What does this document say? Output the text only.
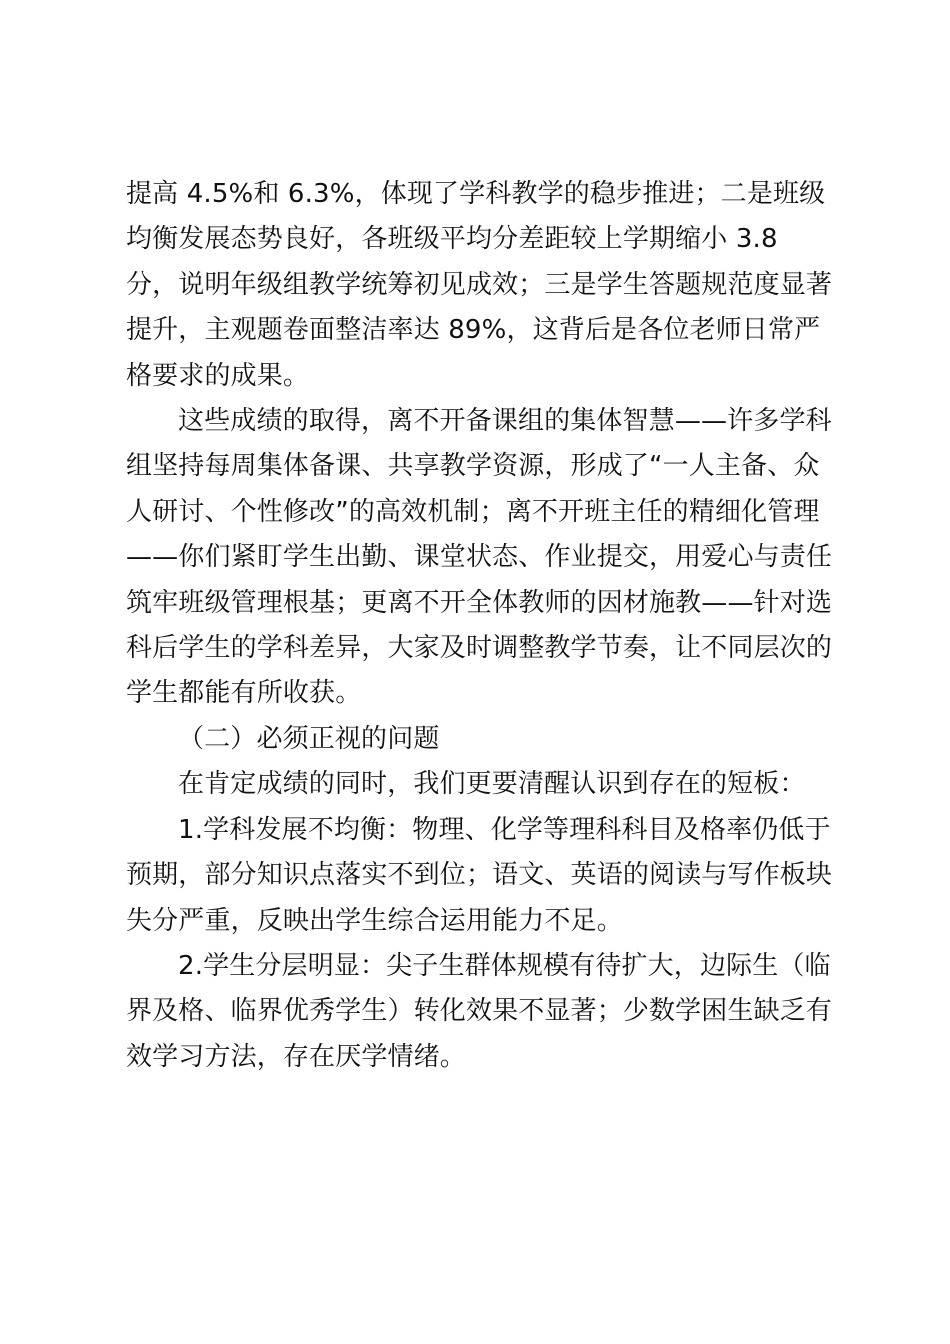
提高 4.5%和 6.3%，体现了学科教学的稳步推进；二是班级均衡发展态势良好，各班级平均分差距较上学期缩小 3.8 分，说明年级组教学统筹初见成效；三是学生答题规范度显著提升，主观题卷面整洁率达 89%，这背后是各位老师日常严格要求的成果。

这些成绩的取得，离不开备课组的集体智慧——许多学科组坚持每周集体备课、共享教学资源，形成了“一人主备、众人研讨、个性修改”的高效机制；离不开班主任的精细化管理——你们紧盯学生出勤、课堂状态、作业提交，用爱心与责任筑牢班级管理根基；更离不开全体教师的因材施教——针对选科后学生的学科差异，大家及时调整教学节奏，让不同层次的学生都能有所收获。

（二）必须正视的问题

在肯定成绩的同时，我们更要清醒认识到存在的短板：

1.学科发展不均衡：物理、化学等理科科目及格率仍低于预期，部分知识点落实不到位；语文、英语的阅读与写作板块失分严重，反映出学生综合运用能力不足。

2.学生分层明显：尖子生群体规模有待扩大，边际生（临界及格、临界优秀学生）转化效果不显著；少数学困生缺乏有效学习方法，存在厌学情绪。
